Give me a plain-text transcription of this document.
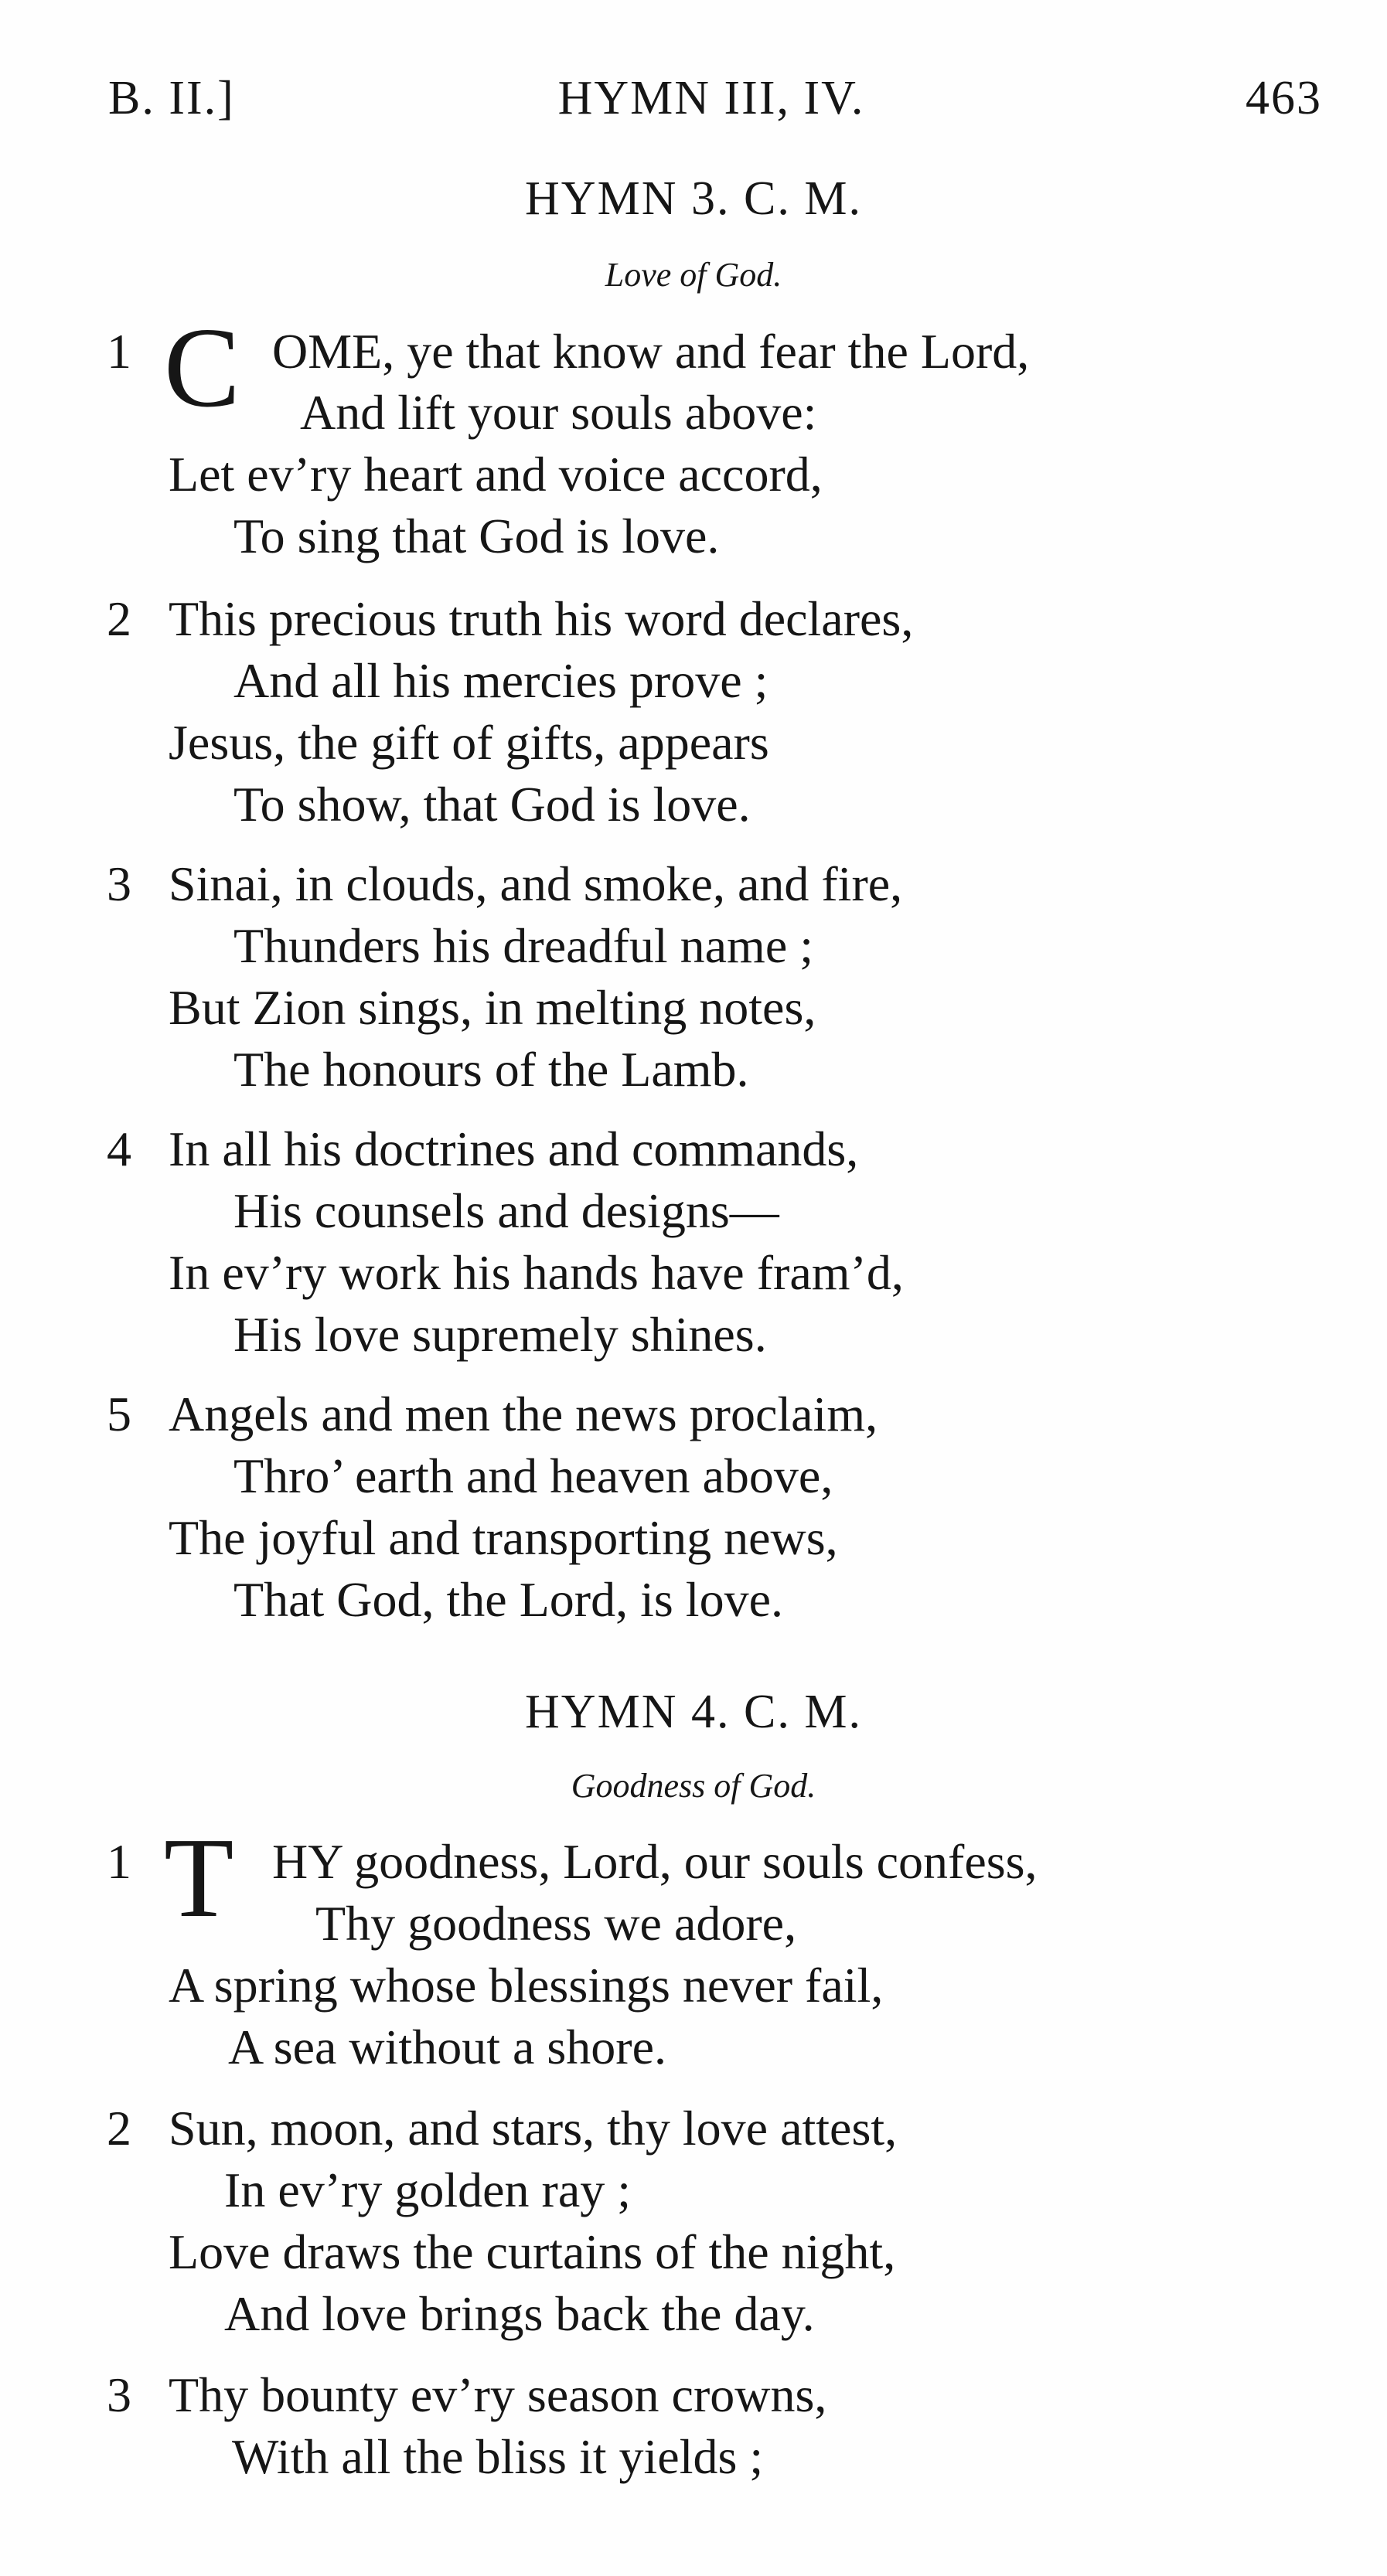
B. II.]	HYMN III, IV.	463
HYMN 3. C. M.
Love of God.
1 C OME, ye that know and fear the Lord,
And lift your souls above:
Let ev’ry heart and voice accord,
To sing that God is love.
2 This precious truth his word declares,
And all his mercies prove ;
Jesus, the gift of gifts, appears
To show, that God is love.
3 Sinai, in clouds, and smoke, and fire,
Thunders his dreadful name ;
But Zion sings, in melting notes,
The honours of the Lamb.
4 In all his doctrines and commands,
His counsels and designs—
In ev’ry work his hands have fram’d,
His love supremely shines.
5 Angels and men the news proclaim,
Thro’ earth and heaven above,
The joyful and transporting news,
That God, the Lord, is love.
HYMN 4. C. M.
Goodness of God.
1 T HY goodness, Lord, our souls confess,
Thy goodness we adore,
A spring whose blessings never fail,
A sea without a shore.
2 Sun, moon, and stars, thy love attest,
In ev’ry golden ray ;
Love draws the curtains of the night,
And love brings back the day.
3 Thy bounty ev’ry season crowns,
With all the bliss it yields ;
